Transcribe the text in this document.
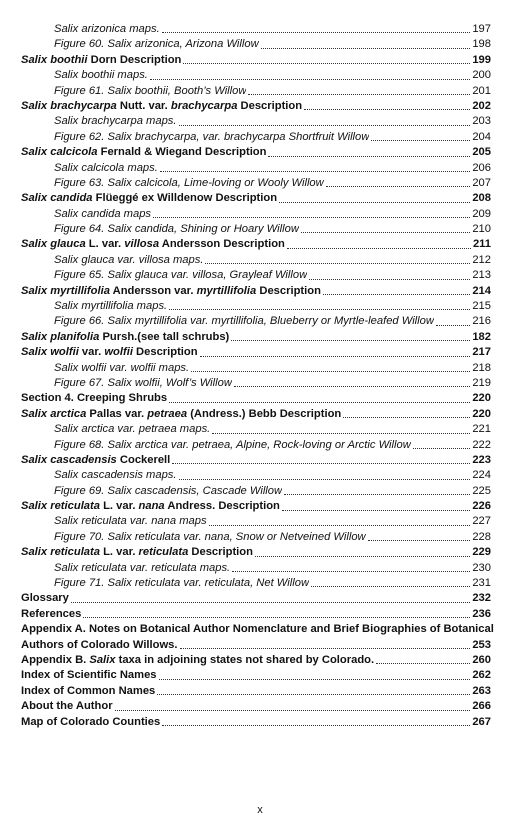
Salix arizonica maps.	197
Figure 60. Salix arizonica, Arizona Willow	198
Salix boothii Dorn Description	199
Salix boothii maps.	200
Figure 61. Salix boothii, Booth’s Willow	201
Salix brachycarpa Nutt. var. brachycarpa Description	202
Salix brachycarpa maps.	203
Figure 62. Salix brachycarpa, var. brachycarpa Shortfruit Willow	204
Salix calcicola Fernald & Wiegand Description	205
Salix calcicola maps.	206
Figure 63. Salix calcicola, Lime-loving or Wooly Willow	207
Salix candida Flüeggé ex Willdenow Description	208
Salix candida maps	209
Figure 64. Salix candida, Shining or Hoary Willow	210
Salix glauca L. var. villosa Andersson Description	211
Salix glauca var. villosa maps.	212
Figure 65. Salix glauca var. villosa, Grayleaf Willow	213
Salix myrtillifolia Andersson var. myrtillifolia Description	214
Salix myrtillifolia maps.	215
Figure 66. Salix myrtillifolia var. myrtillifolia, Blueberry or Myrtle-leafed Willow	216
Salix planifolia Pursh.(see tall schrubs)	182
Salix wolfii var. wolfii Description	217
Salix wolfii var. wolfii maps.	218
Figure 67. Salix wolfii, Wolf’s Willow	219
Section 4. Creeping Shrubs	220
Salix arctica Pallas var. petraea (Andress.) Bebb Description	220
Salix arctica var. petraea maps.	221
Figure 68. Salix arctica var. petraea, Alpine, Rock-loving or Arctic Willow	222
Salix cascadensis Cockerell	223
Salix cascadensis maps.	224
Figure 69. Salix cascadensis, Cascade Willow	225
Salix reticulata L. var. nana Andress. Description	226
Salix reticulata var. nana maps	227
Figure 70. Salix reticulata var. nana, Snow or Netveined Willow	228
Salix reticulata L. var. reticulata Description	229
Salix reticulata var. reticulata maps.	230
Figure 71. Salix reticulata var. reticulata, Net Willow	231
Glossary	232
References	236
Appendix A. Notes on Botanical Author Nomenclature and Brief Biographies of Botanical
Authors of Colorado Willows.	253
Appendix B. Salix taxa in adjoining states not shared by Colorado.	260
Index of Scientific Names	262
Index of Common Names	263
About the Author	266
Map of Colorado Counties	267
x
